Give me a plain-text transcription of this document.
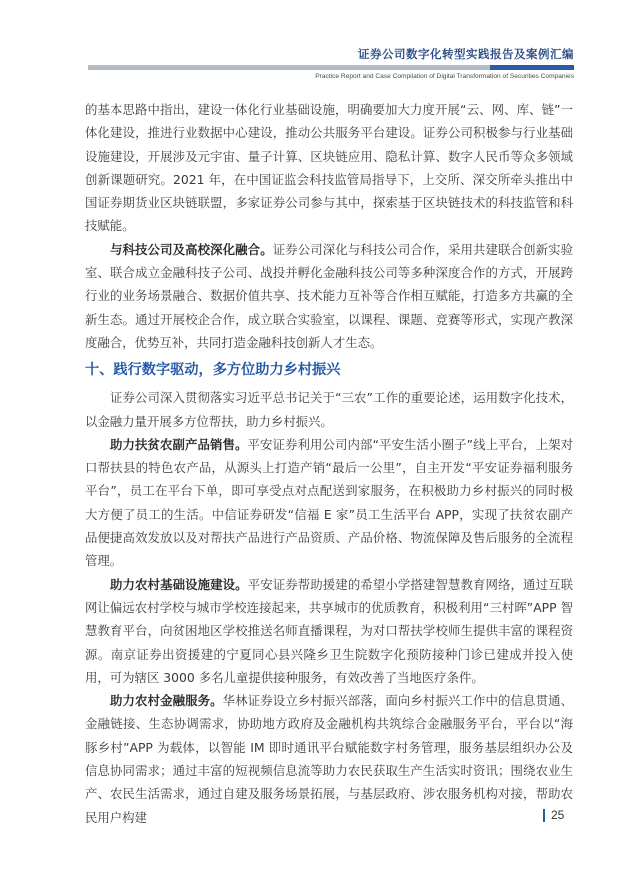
证券公司数字化转型实践报告及案例汇编
Practice Report and Case Compilation of Digital Transformation of Securities Companies

的基本思路中指出，建设一体化行业基础设施，明确要加大力度开展“云、网、库、链”一体化建设，推进行业数据中心建设，推动公共服务平台建设。证券公司积极参与行业基础设施建设，开展涉及元宇宙、量子计算、区块链应用、隐私计算、数字人民币等众多领域创新课题研究。2021 年，在中国证监会科技监管局指导下，上交所、深交所牵头推出中国证券期货业区块链联盟，多家证券公司参与其中，探索基于区块链技术的科技监管和科技赋能。

与科技公司及高校深化融合。证券公司深化与科技公司合作，采用共建联合创新实验室、联合成立金融科技子公司、战投并孵化金融科技公司等多种深度合作的方式，开展跨行业的业务场景融合、数据价值共享、技术能力互补等合作相互赋能，打造多方共赢的全新生态。通过开展校企合作，成立联合实验室，以课程、课题、竞赛等形式，实现产教深度融合，优势互补，共同打造金融科技创新人才生态。

十、践行数字驱动，多方位助力乡村振兴

证券公司深入贯彻落实习近平总书记关于“三农”工作的重要论述，运用数字化技术，以金融力量开展多方位帮扶，助力乡村振兴。

助力扶贫农副产品销售。平安证券利用公司内部“平安生活小圈子”线上平台，上架对口帮扶县的特色农产品，从源头上打造产销“最后一公里”，自主开发“平安证券福利服务平台”，员工在平台下单，即可享受点对点配送到家服务，在积极助力乡村振兴的同时极大方便了员工的生活。中信证券研发“信福 E 家”员工生活平台 APP，实现了扶贫农副产品便捷高效发放以及对帮扶产品进行产品资质、产品价格、物流保障及售后服务的全流程管理。

助力农村基础设施建设。平安证券帮助援建的希望小学搭建智慧教育网络，通过互联网让偏远农村学校与城市学校连接起来，共享城市的优质教育，积极利用“三村晖”APP 智慧教育平台，向贫困地区学校推送名师直播课程，为对口帮扶学校师生提供丰富的课程资源。南京证券出资援建的宁夏同心县兴隆乡卫生院数字化预防接种门诊已建成并投入使用，可为辖区 3000 多名儿童提供接种服务，有效改善了当地医疗条件。

助力农村金融服务。华林证券设立乡村振兴部落，面向乡村振兴工作中的信息贯通、金融链接、生态协调需求，协助地方政府及金融机构共筑综合金融服务平台，平台以“海豚乡村”APP 为载体，以智能 IM 即时通讯平台赋能数字村务管理，服务基层组织办公及信息协同需求；通过丰富的短视频信息流等助力农民获取生产生活实时资讯；围绕农业生产、农民生活需求，通过自建及服务场景拓展，与基层政府、涉农服务机构对接，帮助农民用户构建	25
